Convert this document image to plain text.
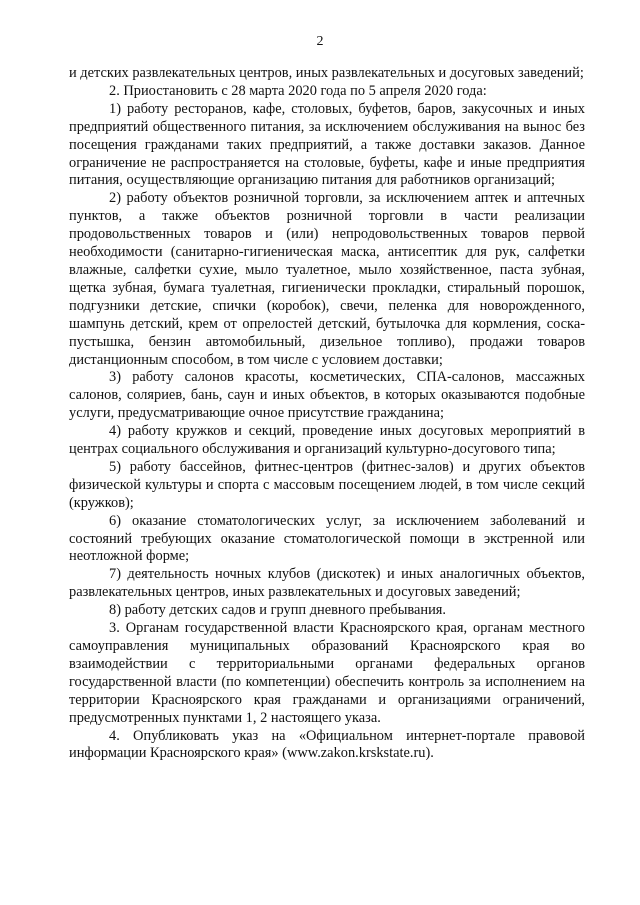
2

и детских развлекательных центров, иных развлекательных и досуговых заведений;

2. Приостановить с 28 марта 2020 года по 5 апреля 2020 года:

1) работу ресторанов, кафе, столовых, буфетов, баров, закусочных и иных предприятий общественного питания, за исключением обслуживания на вынос без посещения гражданами таких предприятий, а также доставки заказов. Данное ограничение не распространяется на столовые, буфеты, кафе и иные предприятия питания, осуществляющие организацию питания для работников организаций;

2) работу объектов розничной торговли, за исключением аптек и аптечных пунктов, а также объектов розничной торговли в части реализации продовольственных товаров и (или) непродовольственных товаров первой необходимости (санитарно-гигиеническая маска, антисептик для рук, салфетки влажные, салфетки сухие, мыло туалетное, мыло хозяйственное, паста зубная, щетка зубная, бумага туалетная, гигиенически прокладки, стиральный порошок, подгузники детские, спички (коробок), свечи, пеленка для новорожденного, шампунь детский, крем от опрелостей детский, бутылочка для кормления, соска-пустышка, бензин автомобильный, дизельное топливо), продажи товаров дистанционным способом, в том числе с условием доставки;

3) работу салонов красоты, косметических, СПА-салонов, массажных салонов, соляриев, бань, саун и иных объектов, в которых оказываются подобные услуги, предусматривающие очное присутствие гражданина;

4) работу кружков и секций, проведение иных досуговых мероприятий в центрах социального обслуживания и организаций культурно-досугового типа;

5) работу бассейнов, фитнес-центров (фитнес-залов) и других объектов физической культуры и спорта с массовым посещением людей, в том числе секций (кружков);

6) оказание стоматологических услуг, за исключением заболеваний и состояний требующих оказание стоматологической помощи в экстренной или неотложной форме;

7) деятельность ночных клубов (дискотек) и иных аналогичных объектов, развлекательных центров, иных развлекательных и досуговых заведений;

8) работу детских садов и групп дневного пребывания.

3. Органам государственной власти Красноярского края, органам местного самоуправления муниципальных образований Красноярского края во взаимодействии с территориальными органами федеральных органов государственной власти (по компетенции) обеспечить контроль за исполнением на территории Красноярского края гражданами и организациями ограничений, предусмотренных пунктами 1, 2 настоящего указа.

4. Опубликовать указ на «Официальном интернет-портале правовой информации Красноярского края» (www.zakon.krskstate.ru).
